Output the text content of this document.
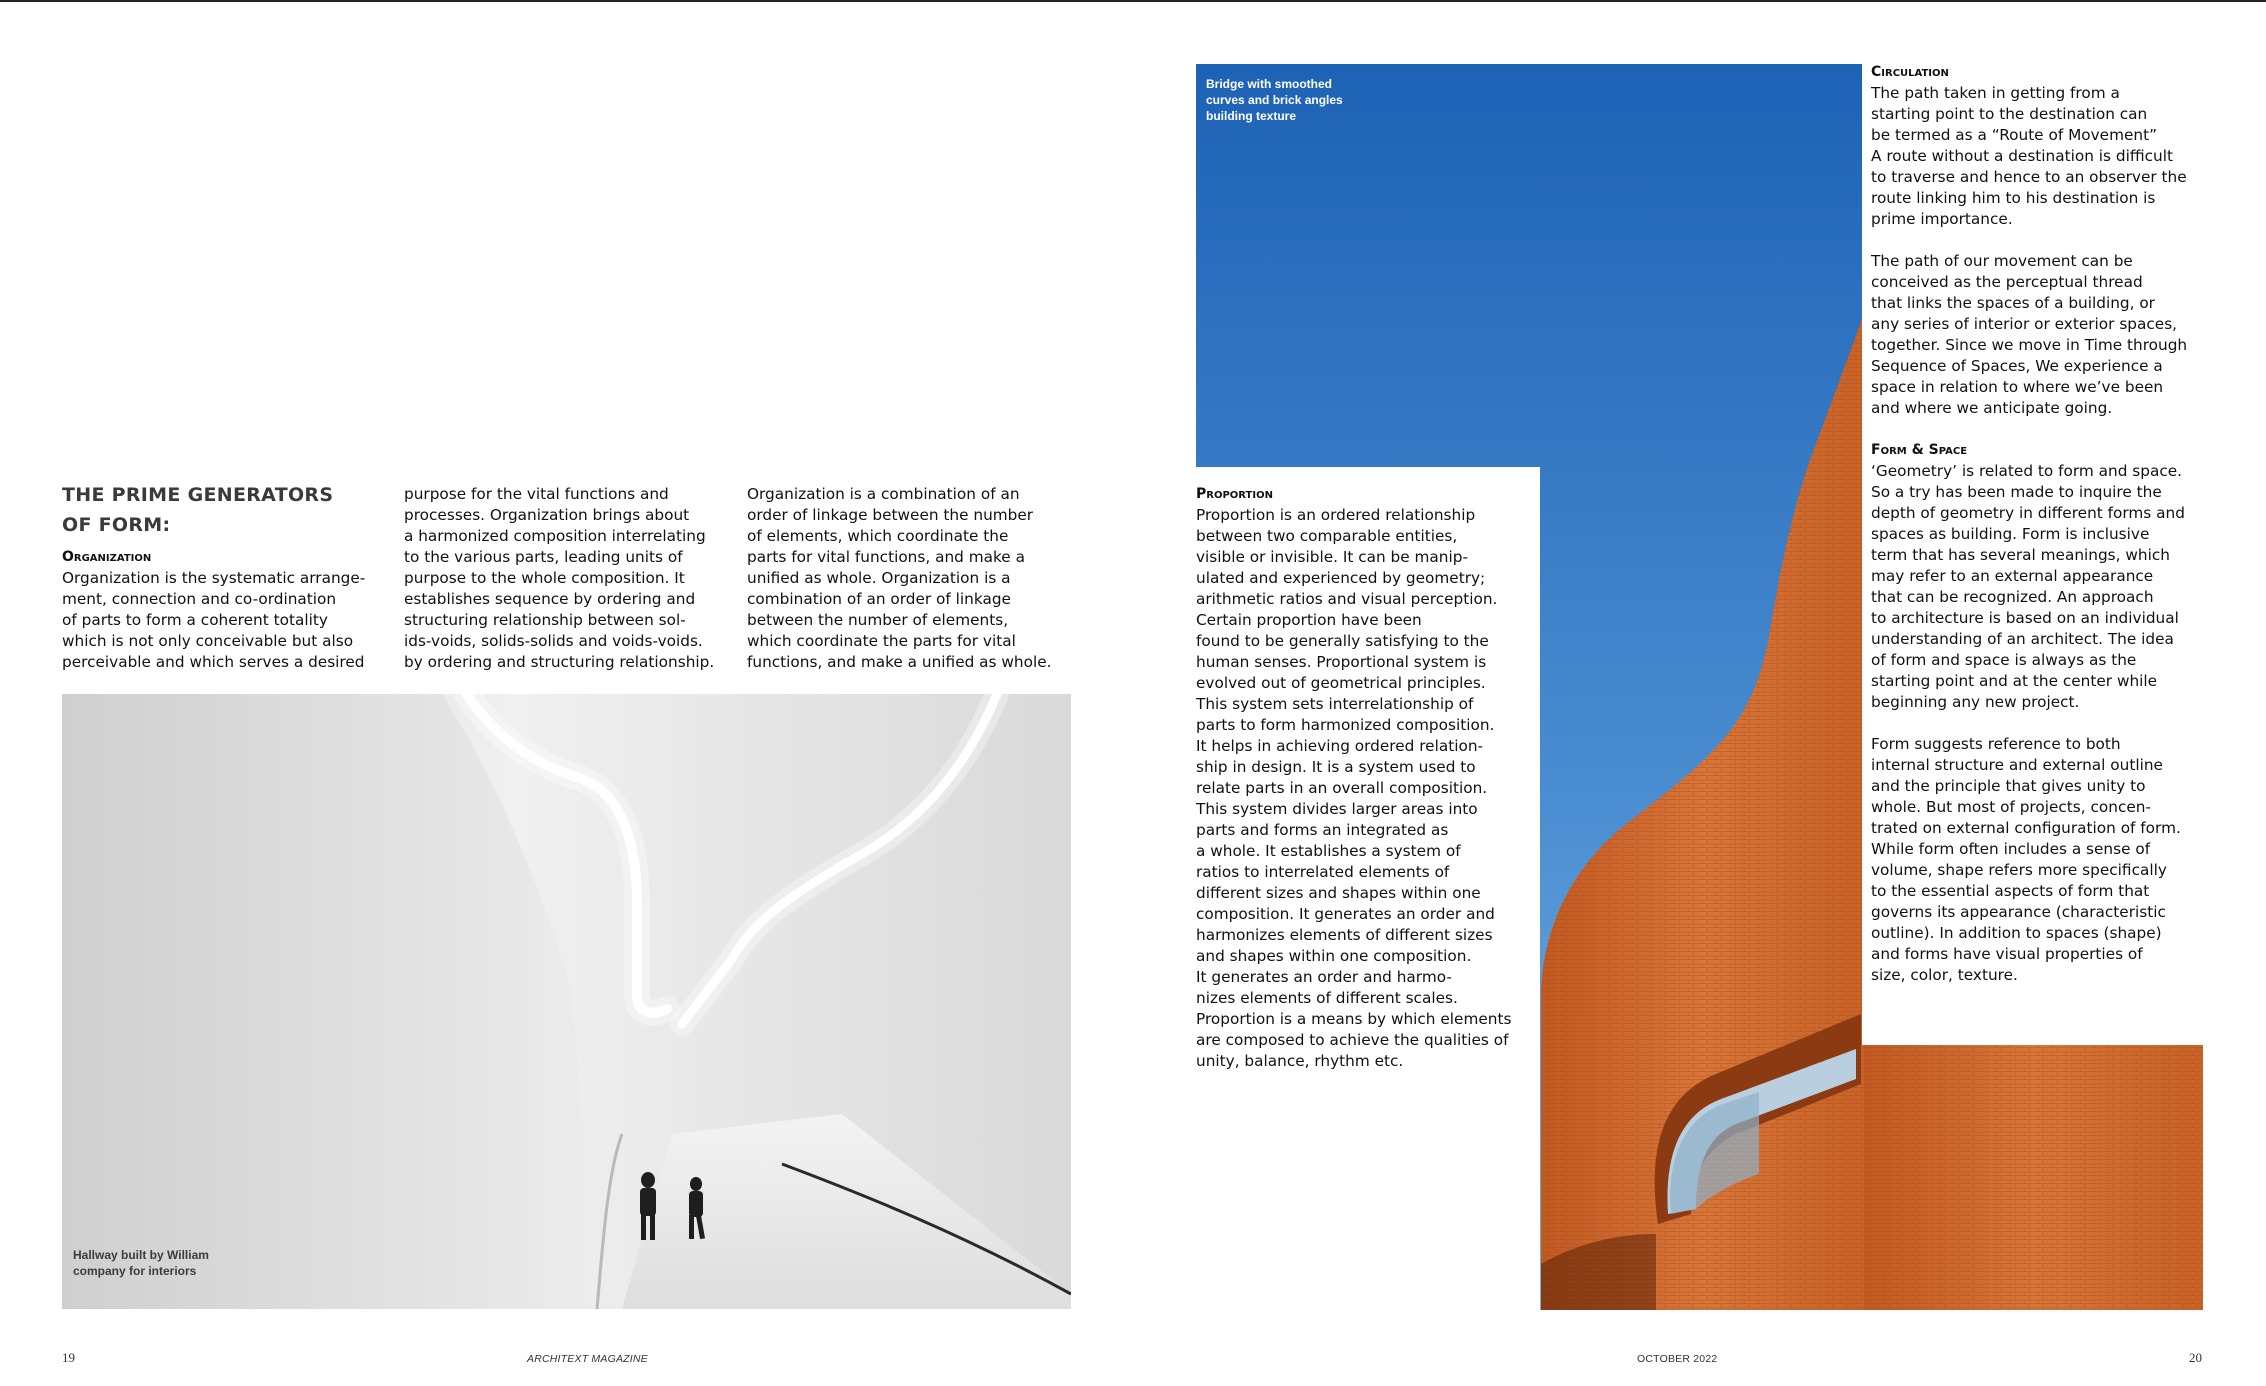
THE PRIME GENERATORS
OF FORM:
Organization
Organization is the systematic arrange-
ment, connection and co-ordination
of parts to form a coherent totality
which is not only conceivable but also
perceivable and which serves a desired
purpose for the vital functions and
processes. Organization brings about
a harmonized composition interrelating
to the various parts, leading units of
purpose to the whole composition. It
establishes sequence by ordering and
structuring relationship between sol-
ids-voids, solids-solids and voids-voids.
by ordering and structuring relationship.
Organization is a combination of an
order of linkage between the number
of elements, which coordinate the
parts for vital functions, and make a
unified as whole. Organization is a
combination of an order of linkage
between the number of elements,
which coordinate the parts for vital
functions, and make a unified as whole.
Hallway built by William
company for interiors
Bridge with smoothed
curves and brick angles
building texture
Proportion
Proportion is an ordered relationship
between two comparable entities,
visible or invisible. It can be manip-
ulated and experienced by geometry;
arithmetic ratios and visual perception.
Certain proportion have been
found to be generally satisfying to the
human senses. Proportional system is
evolved out of geometrical principles.
This system sets interrelationship of
parts to form harmonized composition.
It helps in achieving ordered relation-
ship in design. It is a system used to
relate parts in an overall composition.
This system divides larger areas into
parts and forms an integrated as
a whole. It establishes a system of
ratios to interrelated elements of
different sizes and shapes within one
composition. It generates an order and
harmonizes elements of different sizes
and shapes within one composition.
It generates an order and harmo-
nizes elements of different scales.
Proportion is a means by which elements
are composed to achieve the qualities of
unity, balance, rhythm etc.
Circulation
The path taken in getting from a
starting point to the destination can
be termed as a “Route of Movement”
A route without a destination is difficult
to traverse and hence to an observer the
route linking him to his destination is
prime importance.

The path of our movement can be
conceived as the perceptual thread
that links the spaces of a building, or
any series of interior or exterior spaces,
together. Since we move in Time through
Sequence of Spaces, We experience a
space in relation to where we’ve been
and where we anticipate going.
Form & Space
‘Geometry’ is related to form and space.
So a try has been made to inquire the
depth of geometry in different forms and
spaces as building. Form is inclusive
term that has several meanings, which
may refer to an external appearance
that can be recognized. An approach
to architecture is based on an individual
understanding of an architect. The idea
of form and space is always as the
starting point and at the center while
beginning any new project.

Form suggests reference to both
internal structure and external outline
and the principle that gives unity to
whole. But most of projects, concen-
trated on external configuration of form.
While form often includes a sense of
volume, shape refers more specifically
to the essential aspects of form that
governs its appearance (characteristic
outline). In addition to spaces (shape)
and forms have visual properties of
size, color, texture.
19	ARCHITEXT MAGAZINE	OCTOBER 2022	20
